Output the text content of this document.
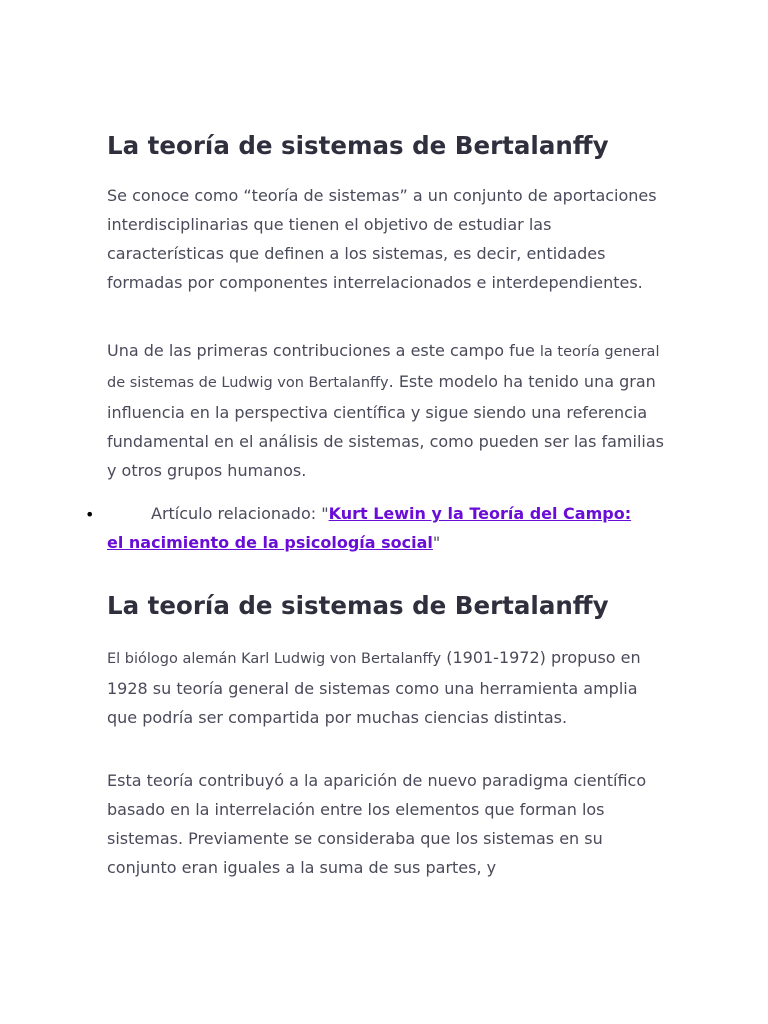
La teoría de sistemas de Bertalanffy

Se conoce como “teoría de sistemas” a un conjunto de aportaciones interdisciplinarias que tienen el objetivo de estudiar las características que definen a los sistemas, es decir, entidades formadas por componentes interrelacionados e interdependientes.

Una de las primeras contribuciones a este campo fue la teoría general de sistemas de Ludwig von Bertalanffy. Este modelo ha tenido una gran influencia en la perspectiva científica y sigue siendo una referencia fundamental en el análisis de sistemas, como pueden ser las familias y otros grupos humanos.

•	Artículo relacionado: "Kurt Lewin y la Teoría del Campo: el nacimiento de la psicología social"

La teoría de sistemas de Bertalanffy

El biólogo alemán Karl Ludwig von Bertalanffy (1901-1972) propuso en 1928 su teoría general de sistemas como una herramienta amplia que podría ser compartida por muchas ciencias distintas.

Esta teoría contribuyó a la aparición de nuevo paradigma científico basado en la interrelación entre los elementos que forman los sistemas. Previamente se consideraba que los sistemas en su conjunto eran iguales a la suma de sus partes, y
